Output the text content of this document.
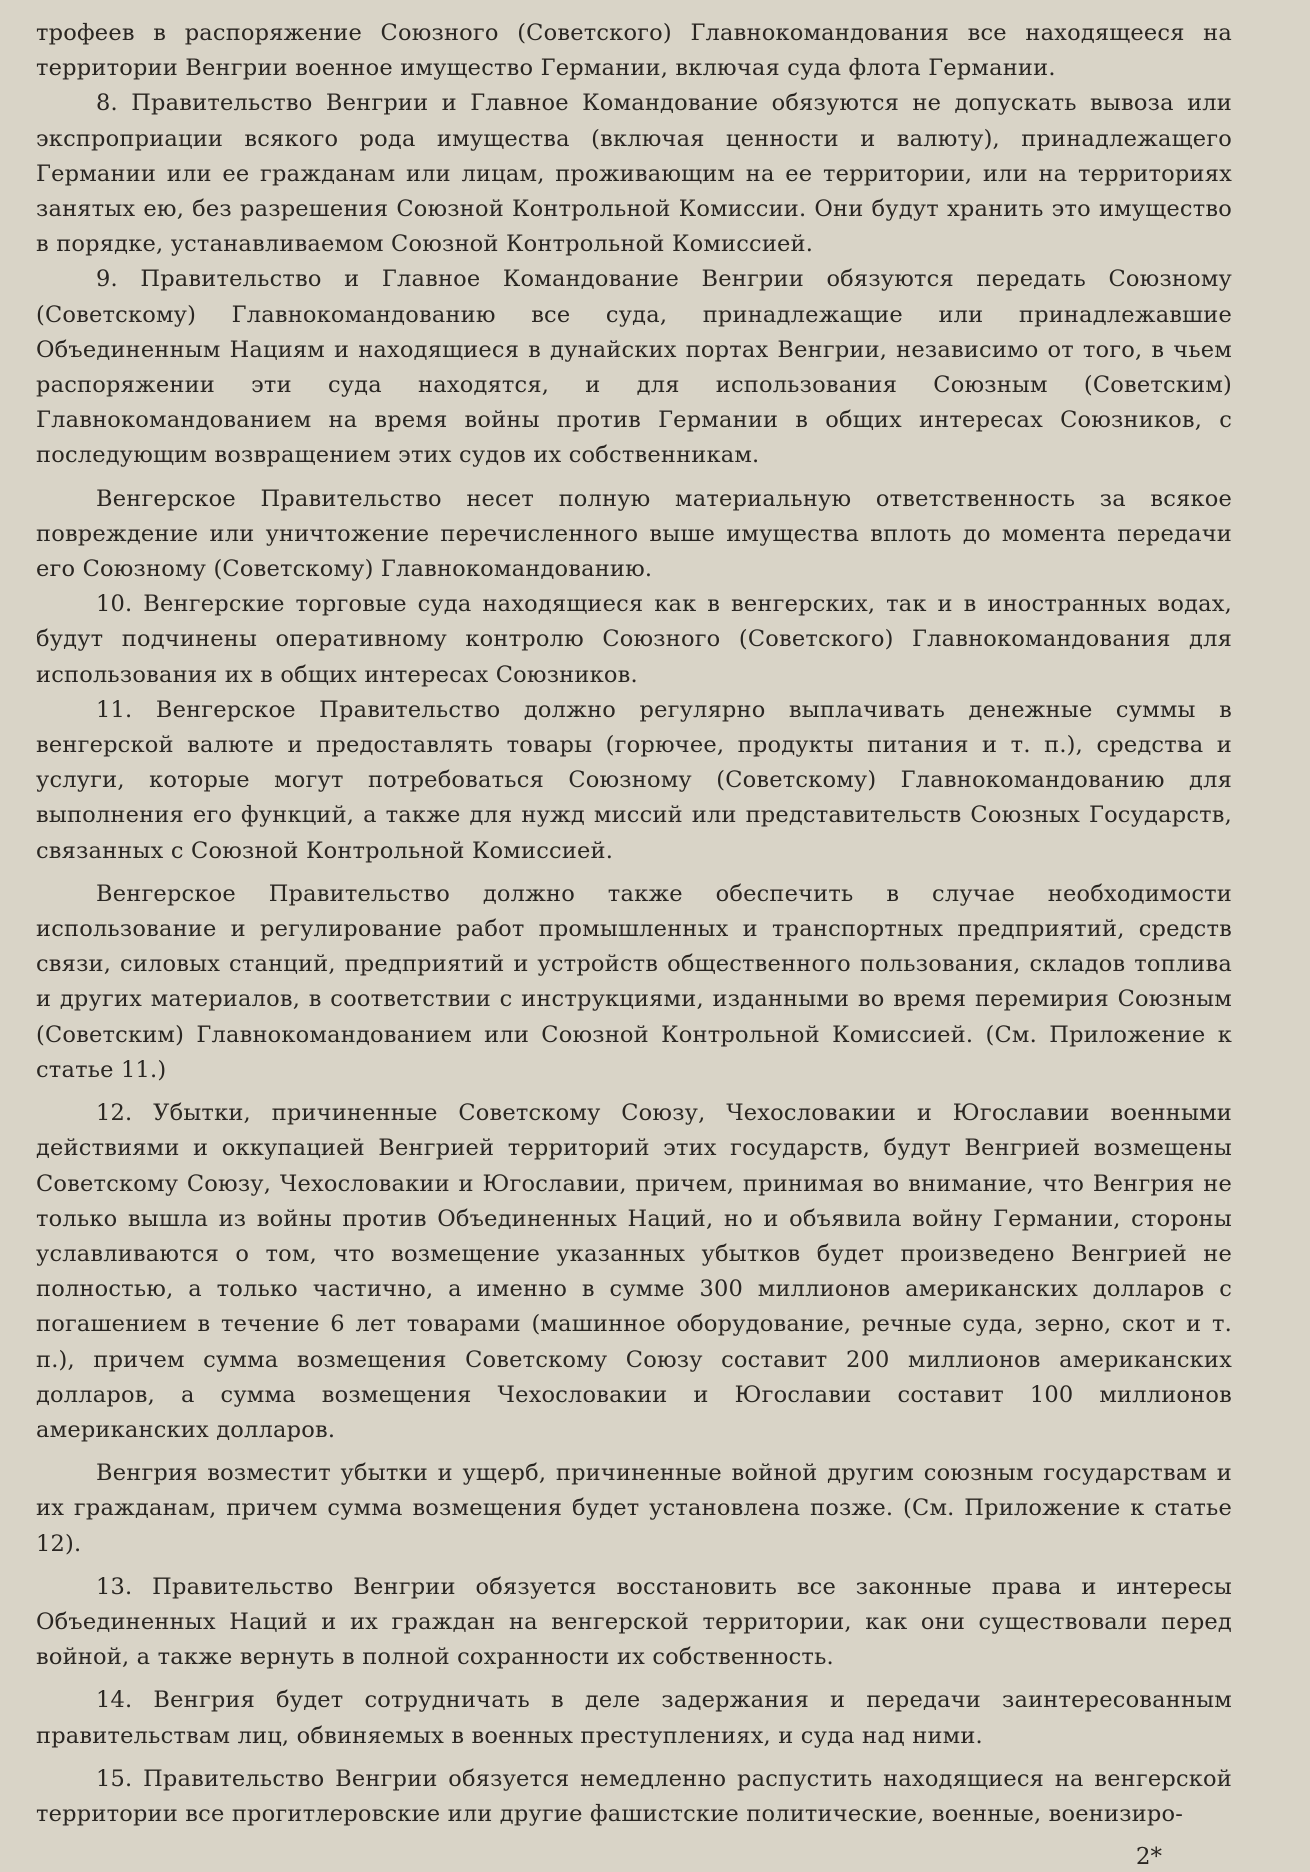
трофеев в распоряжение Союзного (Советского) Главнокомандования все находящееся на территории Венгрии военное имущество Германии, включая суда флота Германии.

8. Правительство Венгрии и Главное Командование обязуются не допускать вывоза или экспроприации всякого рода имущества (включая ценности и валюту), принадлежащего Германии или ее гражданам или лицам, проживающим на ее территории, или на территориях занятых ею, без разрешения Союзной Контрольной Комиссии. Они будут хранить это имущество в порядке, устанавливаемом Союзной Контрольной Комиссией.

9. Правительство и Главное Командование Венгрии обязуются передать Союзному (Советскому) Главнокомандованию все суда, принадлежащие или принадлежавшие Объединенным Нациям и находящиеся в дунайских портах Венгрии, независимо от того, в чьем распоряжении эти суда находятся, и для использования Союзным (Советским) Главнокомандованием на время войны против Германии в общих интересах Союзников, с последующим возвращением этих судов их собственникам.

Венгерское Правительство несет полную материальную ответственность за всякое повреждение или уничтожение перечисленного выше имущества вплоть до момента передачи его Союзному (Советскому) Главнокомандованию.

10. Венгерские торговые суда находящиеся как в венгерских, так и в иностранных водах, будут подчинены оперативному контролю Союзного (Советского) Главнокомандования для использования их в общих интересах Союзников.

11. Венгерское Правительство должно регулярно выплачивать денежные суммы в венгерской валюте и предоставлять товары (горючее, продукты питания и т. п.), средства и услуги, которые могут потребоваться Союзному (Советскому) Главнокомандованию для выполнения его функций, а также для нужд миссий или представительств Союзных Государств, связанных с Союзной Контрольной Комиссией.

Венгерское Правительство должно также обеспечить в случае необходимости использование и регулирование работ промышленных и транспортных предприятий, средств связи, силовых станций, предприятий и устройств общественного пользования, складов топлива и других материалов, в соответствии с инструкциями, изданными во время перемирия Союзным (Советским) Главнокомандованием или Союзной Контрольной Комиссией. (См. Приложение к статье 11.)

12. Убытки, причиненные Советскому Союзу, Чехословакии и Югославии военными действиями и оккупацией Венгрией территорий этих государств, будут Венгрией возмещены Советскому Союзу, Чехословакии и Югославии, причем, принимая во внимание, что Венгрия не только вышла из войны против Объединенных Наций, но и объявила войну Германии, стороны уславливаются о том, что возмещение указанных убытков будет произведено Венгрией не полностью, а только частично, а именно в сумме 300 миллионов американских долларов с погашением в течение 6 лет товарами (машинное оборудование, речные суда, зерно, скот и т. п.), причем сумма возмещения Советскому Союзу составит 200 миллионов американских долларов, а сумма возмещения Чехословакии и Югославии составит 100 миллионов американских долларов.

Венгрия возместит убытки и ущерб, причиненные войной другим союзным государствам и их гражданам, причем сумма возмещения будет установлена позже. (См. Приложение к статье 12).

13. Правительство Венгрии обязуется восстановить все законные права и интересы Объединенных Наций и их граждан на венгерской территории, как они существовали перед войной, а также вернуть в полной сохранности их собственность.

14. Венгрия будет сотрудничать в деле задержания и передачи заинтересованным правительствам лиц, обвиняемых в военных преступлениях, и суда над ними.

15. Правительство Венгрии обязуется немедленно распустить находящиеся на венгерской территории все прогитлеровские или другие фашистские политические, военные, военизиро-

2*
